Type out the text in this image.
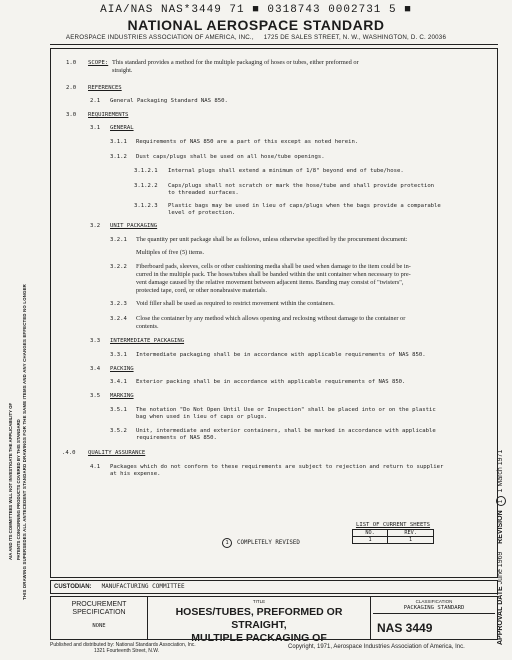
AIA/NAS NAS*3449 71 ■ 0318743 0002731 5 ■
NATIONAL AEROSPACE STANDARD
AEROSPACE INDUSTRIES ASSOCIATION OF AMERICA, INC., 1725 DE SALES STREET, N. W., WASHINGTON, D. C. 20036
AIA AND ITS COMMITTEES WILL NOT INVESTIGATE THE APPLICABILITY OF PATENTS CONCERNING PRODUCTS COVERED BY THIS STANDARD THIS DRAWING SUPERSEDES ALL ANTECEDENT STANDARD DRAWINGS FOR THE SAME ITEMS AND ANY CHANGES EFFECTED NO LONGER
APPROVAL DATE June 1969    REVISION 1 1 March 1971
1.0 SCOPE: This standard provides a method for the multiple packaging of hoses or tubes, either preformed or
straight.
2.0 REFERENCES
2.1 General Packaging Standard NAS 850.
3.0 REQUIREMENTS
3.1 GENERAL
3.1.1 Requirements of NAS 850 are a part of this except as noted herein.
3.1.2 Dust caps/plugs shall be used on all hose/tube openings.
3.1.2.1 Internal plugs shall extend a minimum of 1/8" beyond end of tube/hose.
3.1.2.2 Caps/plugs shall not scratch or mark the hose/tube and shall provide protection
to threaded surfaces.
3.1.2.3 Plastic bags may be used in lieu of caps/plugs when the bags provide a comparable
level of protection.
3.2 UNIT PACKAGING
3.2.1 The quantity per unit package shall be as follows, unless otherwise specified by the procurement document:
Multiples of five (5) items.
3.2.2 Fiberboard pads, sleeves, cells or other cushioning media shall be used when damage to the item could be in-
curred in the multiple pack. The hoses/tubes shall be banded within the unit container when necessary to pre-
vent damage caused by the relative movement between adjacent items. Banding may consist of "twisters",
protected tape, cord, or other nonabrasive materials.
3.2.3 Void filler shall be used as required to restrict movement within the containers.
3.2.4 Close the container by any method which allows opening and reclosing without damage to the container or
contents.
3.3 INTERMEDIATE PACKAGING
3.3.1 Intermediate packaging shall be in accordance with applicable requirements of NAS 850.
3.4 PACKING
3.4.1 Exterior packing shall be in accordance with applicable requirements of NAS 850.
3.5 MARKING
3.5.1 The notation "Do Not Open Until Use or Inspection" shall be placed into or on the plastic
bag when used in lieu of caps or plugs.
3.5.2 Unit, intermediate and exterior containers, shall be marked in accordance with applicable
requirements of NAS 850.
.4.0 QUALITY ASSURANCE
4.1 Packages which do not conform to these requirements are subject to rejection and return to supplier
at his expense.
LIST OF CURRENT SHEETS
NO.	REV.
1	1
1 COMPLETELY REVISED
CUSTODIAN: MANUFACTURING COMMITTEE
PROCUREMENT
SPECIFICATION
NONE
TITLE
HOSES/TUBES, PREFORMED OR STRAIGHT,
MULTIPLE PACKAGING OF
CLASSIFICATION
PACKAGING STANDARD
NAS 3449
Published and distributed by: National Standards Association, Inc.
1321 Fourteenth Street, N.W.
Copyright, 1971, Aerospace Industries Association of America, Inc.
